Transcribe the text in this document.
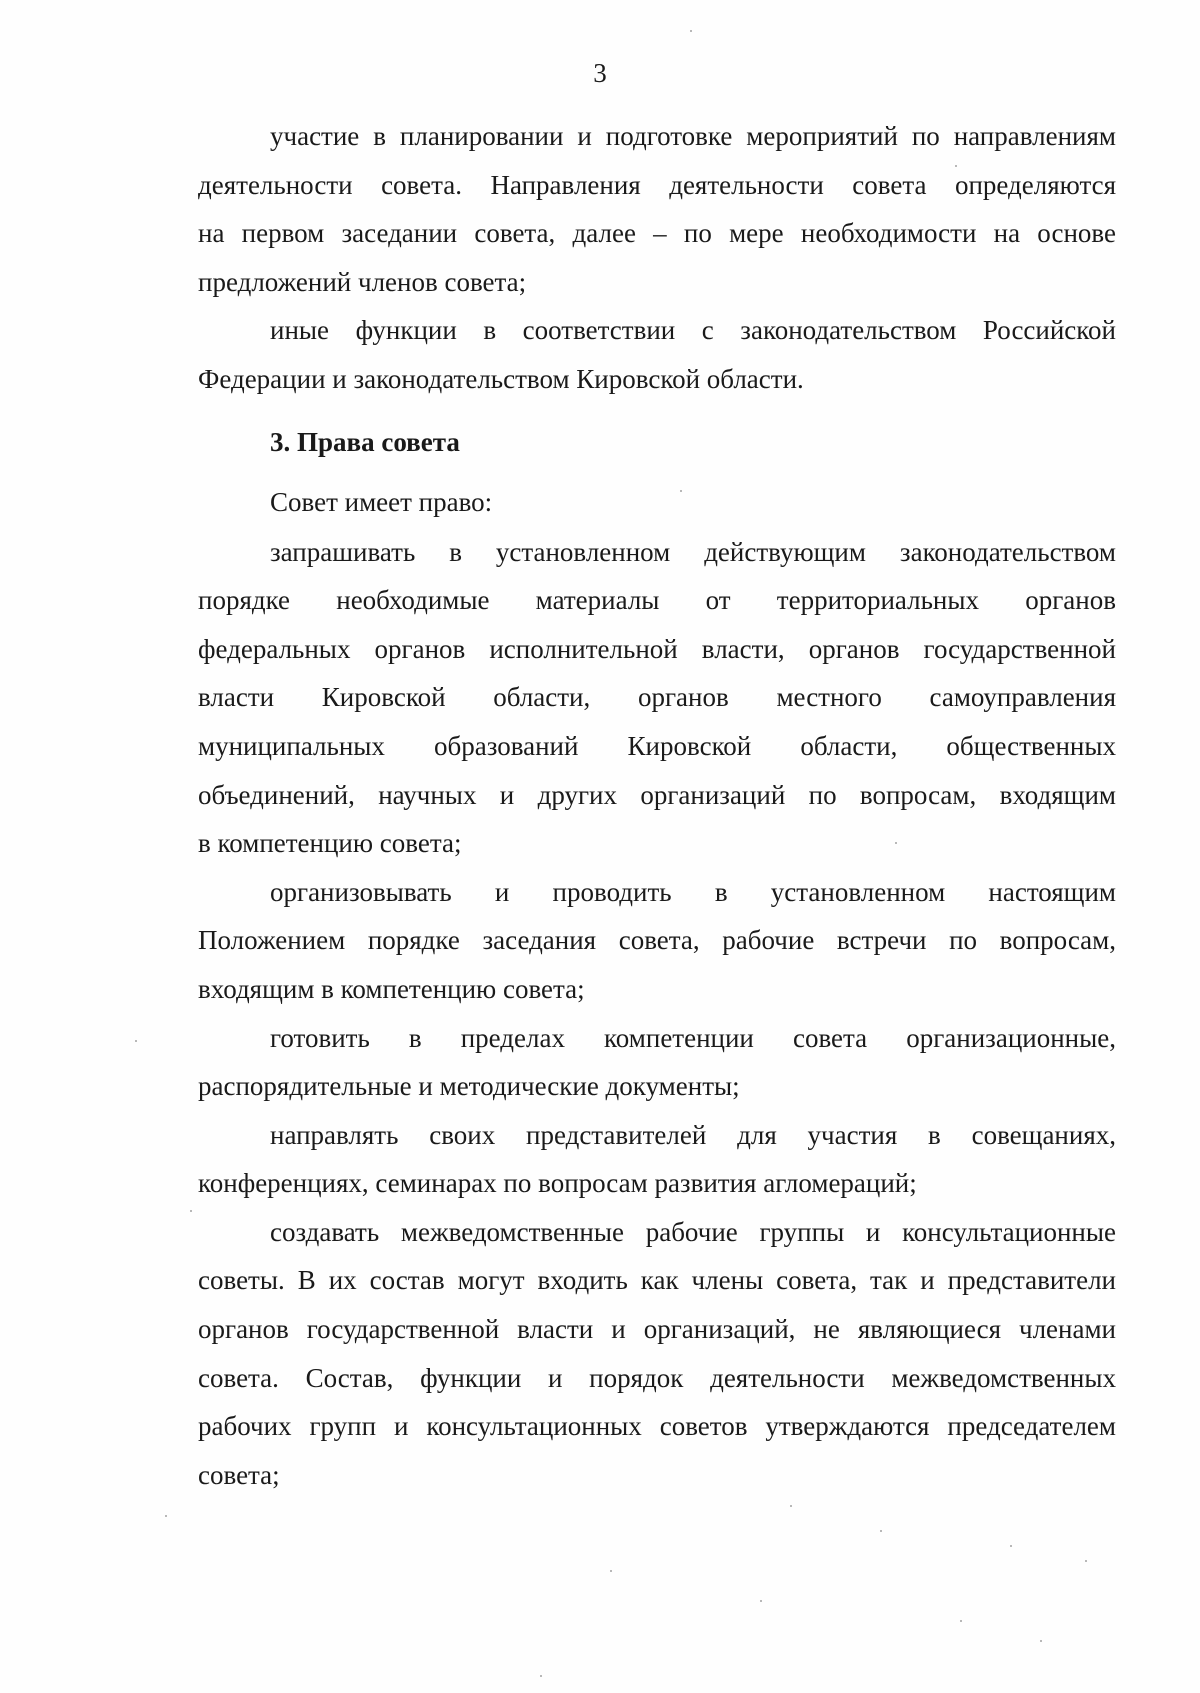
3
участие в планировании и подготовке мероприятий по направлениям
деятельности совета. Направления деятельности совета определяются
на первом заседании совета, далее – по мере необходимости на основе
предложений членов совета;
иные функции в соответствии с законодательством Российской
Федерации и законодательством Кировской области.
3. Права совета
Совет имеет право:
запрашивать в установленном действующим законодательством
порядке необходимые материалы от территориальных органов
федеральных органов исполнительной власти, органов государственной
власти Кировской области, органов местного самоуправления
муниципальных образований Кировской области, общественных
объединений, научных и других организаций по вопросам, входящим
в компетенцию совета;
организовывать и проводить в установленном настоящим
Положением порядке заседания совета, рабочие встречи по вопросам,
входящим в компетенцию совета;
готовить в пределах компетенции совета организационные,
распорядительные и методические документы;
направлять своих представителей для участия в совещаниях,
конференциях, семинарах по вопросам развития агломераций;
создавать межведомственные рабочие группы и консультационные
советы. В их состав могут входить как члены совета, так и представители
органов государственной власти и организаций, не являющиеся членами
совета. Состав, функции и порядок деятельности межведомственных
рабочих групп и консультационных советов утверждаются председателем
совета;
